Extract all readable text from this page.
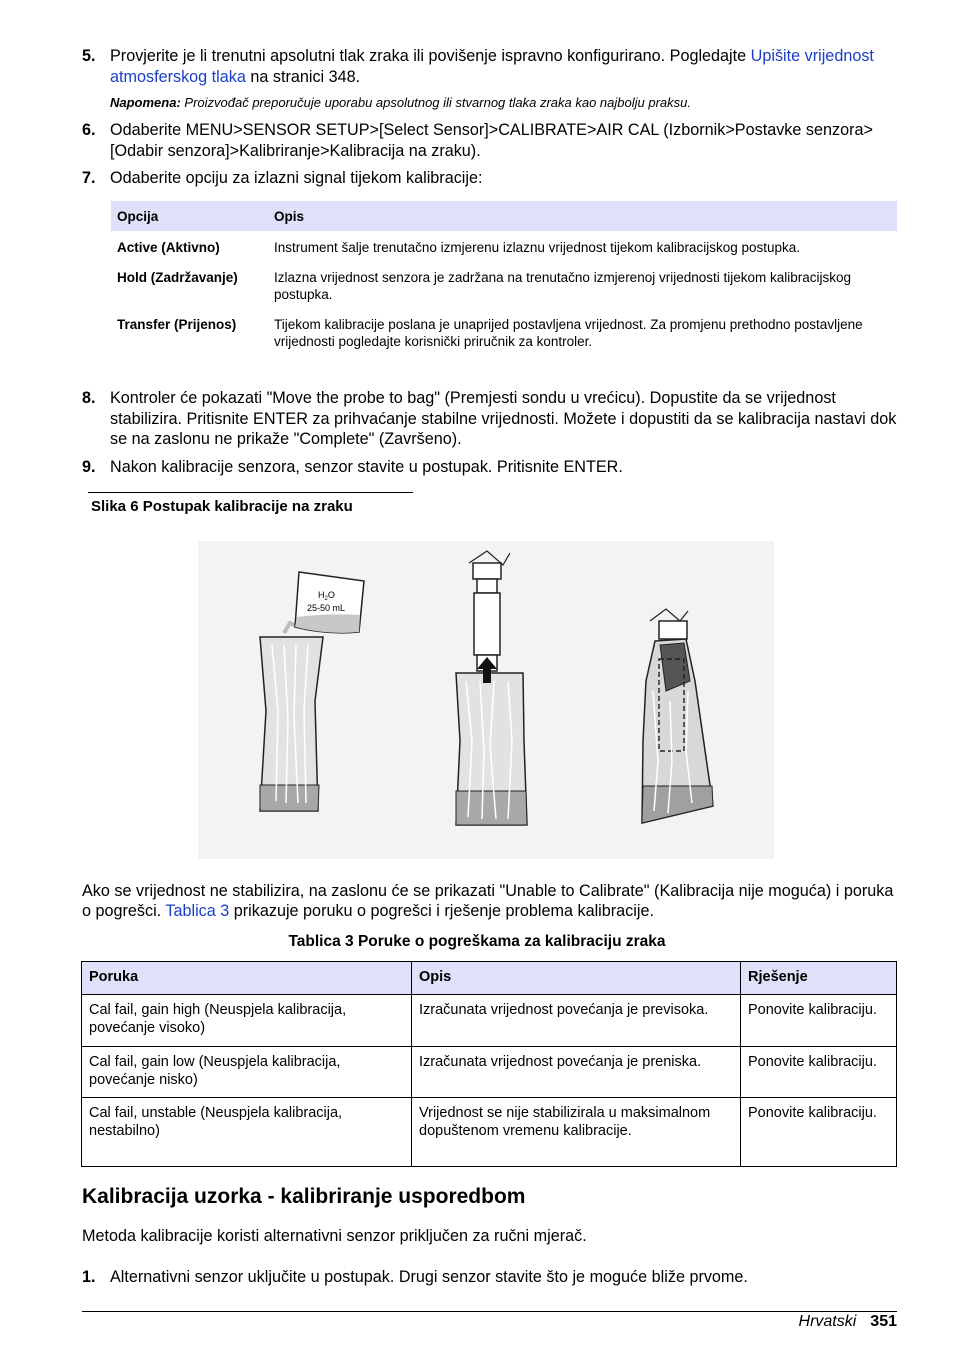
5. Provjerite je li trenutni apsolutni tlak zraka ili povišenje ispravno konfigurirano. Pogledajte Upišite vrijednost atmosferskog tlaka na stranici 348.
Napomena: Proizvođač preporučuje uporabu apsolutnog ili stvarnog tlaka zraka kao najbolju praksu.
6. Odaberite MENU>SENSOR SETUP>[Select Sensor]>CALIBRATE>AIR CAL (Izbornik>Postavke senzora>[Odabir senzora]>Kalibriranje>Kalibracija na zraku).
7. Odaberite opciju za izlazni signal tijekom kalibracije:
Opcija	Opis
Active (Aktivno)	Instrument šalje trenutačno izmjerenu izlaznu vrijednost tijekom kalibracijskog postupka.
Hold (Zadržavanje)	Izlazna vrijednost senzora je zadržana na trenutačno izmjerenoj vrijednosti tijekom kalibracijskog postupka.
Transfer (Prijenos)	Tijekom kalibracije poslana je unaprijed postavljena vrijednost. Za promjenu prethodno postavljene vrijednosti pogledajte korisnički priručnik za kontroler.
8. Kontroler će pokazati "Move the probe to bag" (Premjesti sondu u vrećicu). Dopustite da se vrijednost stabilizira. Pritisnite ENTER za prihvaćanje stabilne vrijednosti. Možete i dopustiti da se kalibracija nastavi dok se na zaslonu ne prikaže "Complete" (Završeno).
9. Nakon kalibracije senzora, senzor stavite u postupak. Pritisnite ENTER.
Slika 6 Postupak kalibracije na zraku
$H_2O$
25-50 mL
Ako se vrijednost ne stabilizira, na zaslonu će se prikazati "Unable to Calibrate" (Kalibracija nije moguća) i poruka o pogrešci. Tablica 3 prikazuje poruku o pogrešci i rješenje problema kalibracije.
Tablica 3 Poruke o pogreškama za kalibraciju zraka
Poruka	Opis	Rješenje
Cal fail, gain high (Neuspjela kalibracija, povećanje visoko)	Izračunata vrijednost povećanja je previsoka.	Ponovite kalibraciju.
Cal fail, gain low (Neuspjela kalibracija, povećanje nisko)	Izračunata vrijednost povećanja je preniska.	Ponovite kalibraciju.
Cal fail, unstable (Neuspjela kalibracija, nestabilno)	Vrijednost se nije stabilizirala u maksimalnom dopuštenom vremenu kalibracije.	Ponovite kalibraciju.
Kalibracija uzorka - kalibriranje usporedbom
Metoda kalibracije koristi alternativni senzor priključen za ručni mjerač.
1. Alternativni senzor uključite u postupak. Drugi senzor stavite što je moguće bliže prvome.
Hrvatski 351
